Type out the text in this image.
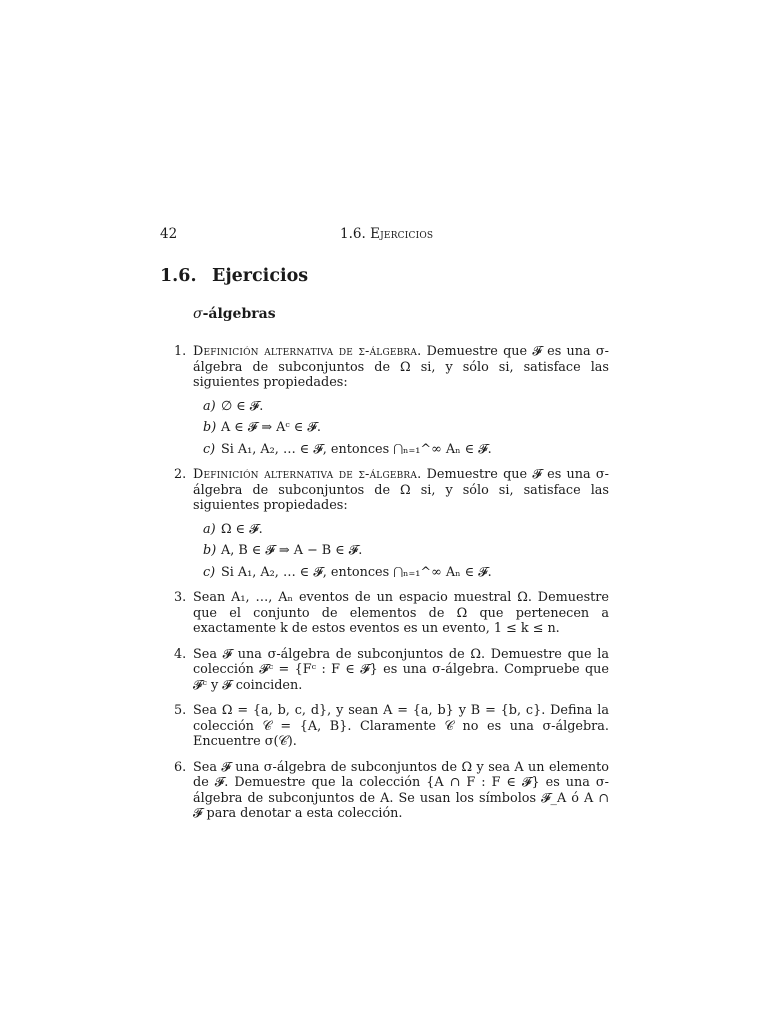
42	1.6. Ejercicios
1.6. Ejercicios
σ-álgebras
1. Definición alternativa de σ-álgebra. Demuestre que 𝓕 es una σ-álgebra de subconjuntos de Ω si, y sólo si, satisface las siguientes propiedades:

a) ∅ ∈ 𝓕.
b) A ∈ 𝓕 ⇒ Aᶜ ∈ 𝓕.
c) Si A₁, A₂, … ∈ 𝓕, entonces ⋂ₙ₌₁^∞ Aₙ ∈ 𝓕.
2. Definición alternativa de σ-álgebra. Demuestre que 𝓕 es una σ-álgebra de subconjuntos de Ω si, y sólo si, satisface las siguientes propiedades:

a) Ω ∈ 𝓕.
b) A, B ∈ 𝓕 ⇒ A − B ∈ 𝓕.
c) Si A₁, A₂, … ∈ 𝓕, entonces ⋂ₙ₌₁^∞ Aₙ ∈ 𝓕.
3. Sean A₁, …, Aₙ eventos de un espacio muestral Ω. Demuestre que el conjunto de elementos de Ω que pertenecen a exactamente k de estos eventos es un evento, 1 ≤ k ≤ n.

4. Sea 𝓕 una σ-álgebra de subconjuntos de Ω. Demuestre que la colección 𝓕ᶜ = {Fᶜ : F ∈ 𝓕} es una σ-álgebra. Compruebe que 𝓕ᶜ y 𝓕 coinciden.

5. Sea Ω = {a, b, c, d}, y sean A = {a, b} y B = {b, c}. Defina la colección 𝒞 = {A, B}. Claramente 𝒞 no es una σ-álgebra. Encuentre σ(𝒞).

6. Sea 𝓕 una σ-álgebra de subconjuntos de Ω y sea A un elemento de 𝓕. Demuestre que la colección {A ∩ F : F ∈ 𝓕} es una σ-álgebra de subconjuntos de A. Se usan los símbolos 𝓕_A ó A ∩ 𝓕 para denotar a esta colección.
